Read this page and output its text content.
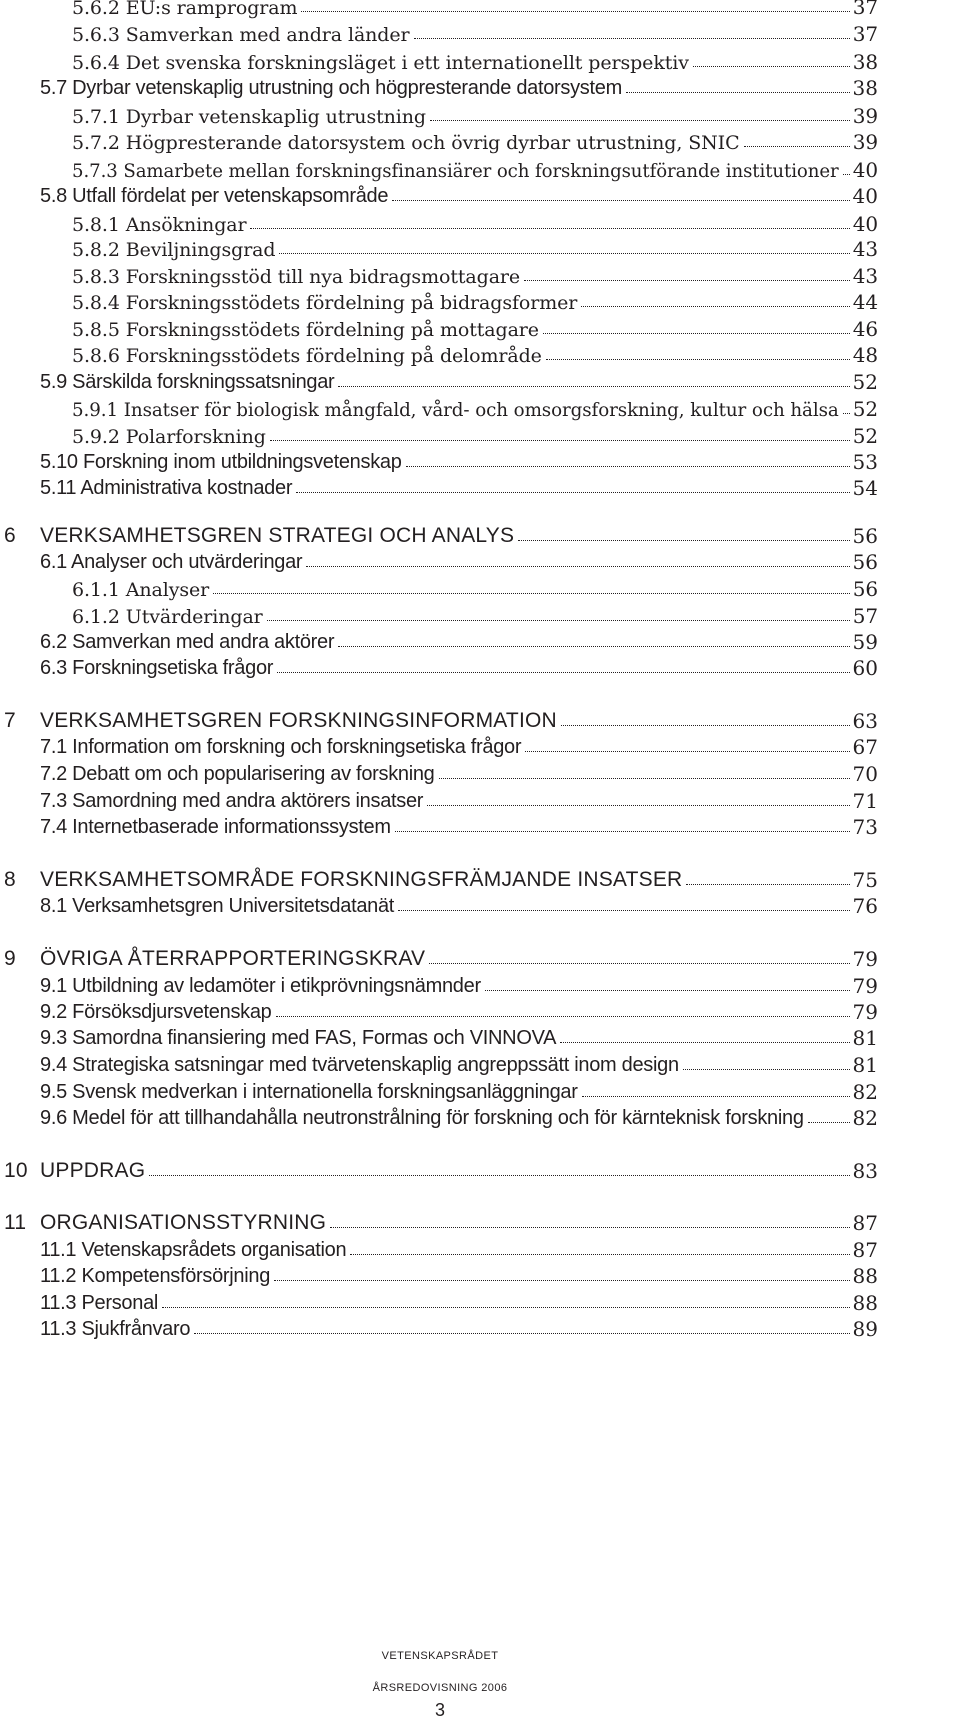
5.6.2 EU:s ramprogram	37
5.6.3 Samverkan med andra länder	37
5.6.4 Det svenska forskningsläget i ett internationellt perspektiv	38
5.7 Dyrbar vetenskaplig utrustning och högpresterande datorsystem	38
5.7.1 Dyrbar vetenskaplig utrustning	39
5.7.2 Högpresterande datorsystem och övrig dyrbar utrustning, SNIC	39
5.7.3 Samarbete mellan forskningsfinansiärer och forskningsutförande institutioner 40
5.8 Utfall fördelat per vetenskapsområde	40
5.8.1 Ansökningar	40
5.8.2 Beviljningsgrad	43
5.8.3 Forskningsstöd till nya bidragsmottagare	43
5.8.4 Forskningsstödets fördelning på bidragsformer	44
5.8.5 Forskningsstödets fördelning på mottagare	46
5.8.6 Forskningsstödets fördelning på delområde	48
5.9 Särskilda forskningssatsningar	52
5.9.1 Insatser för biologisk mångfald, vård- och omsorgsforskning, kultur och hälsa 52
5.9.2 Polarforskning	52
5.10 Forskning inom utbildningsvetenskap	53
5.11 Administrativa kostnader	54
6 VERKSAMHETSGREN STRATEGI OCH ANALYS	56
6.1 Analyser och utvärderingar	56
6.1.1 Analyser	56
6.1.2 Utvärderingar	57
6.2 Samverkan med andra aktörer	59
6.3 Forskningsetiska frågor	60
7 VERKSAMHETSGREN FORSKNINGSINFORMATION	63
7.1 Information om forskning och forskningsetiska frågor	67
7.2 Debatt om och popularisering av forskning	70
7.3 Samordning med andra aktörers insatser	71
7.4 Internetbaserade informationssystem	73
8 VERKSAMHETSOMRÅDE FORSKNINGSFRÄMJANDE INSATSER	75
8.1 Verksamhetsgren Universitetsdatanät	76
9 ÖVRIGA ÅTERRAPPORTERINGSKRAV	79
9.1 Utbildning av ledamöter i etikprövningsnämnder	79
9.2 Försöksdjursvetenskap	79
9.3 Samordna finansiering med FAS, Formas och VINNOVA	81
9.4 Strategiska satsningar med tvärvetenskaplig angreppssätt inom design	81
9.5 Svensk medverkan i internationella forskningsanläggningar	82
9.6 Medel för att tillhandahålla neutronstrålning för forskning och för kärnteknisk forskning 82
10 UPPDRAG	83
11 ORGANISATIONSSTYRNING	87
11.1 Vetenskapsrådets organisation	87
11.2 Kompetensförsörjning	88
11.3 Personal	88
11.3 Sjukfrånvaro	89
VETENSKAPSRÅDET
ÅRSREDOVISNING 2006
3
